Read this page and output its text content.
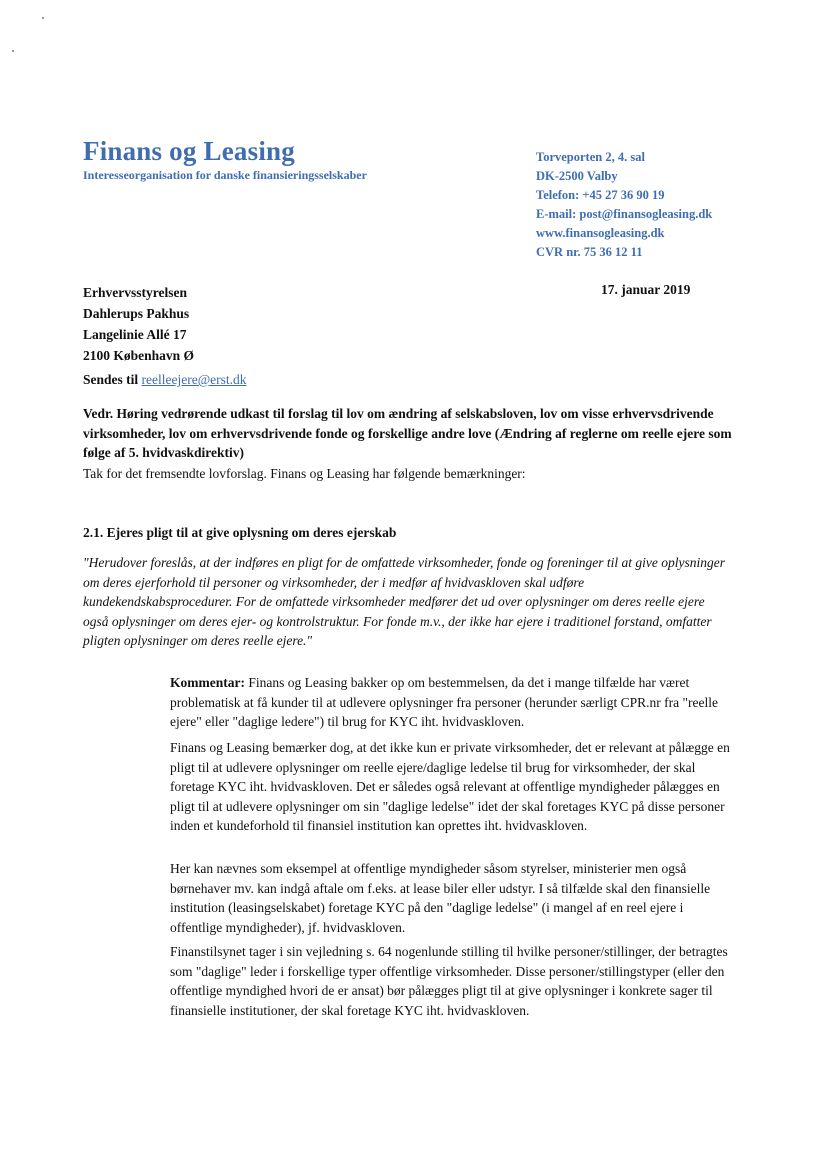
Finans og Leasing
Interesseorganisation for danske finansieringsselskaber
Torveporten 2, 4. sal
DK-2500 Valby
Telefon: +45 27 36 90 19
E-mail: post@finansogleasing.dk
www.finansogleasing.dk
CVR nr. 75 36 12 11
Erhvervsstyrelsen
Dahlerups Pakhus
Langelinie Allé 17
2100 København Ø
17. januar 2019
Sendes til reelleejere@erst.dk
Vedr. Høring vedrørende udkast til forslag til lov om ændring af selskabsloven, lov om visse erhvervsdrivende virksomheder, lov om erhvervsdrivende fonde og forskellige andre love (Ændring af reglerne om reelle ejere som følge af 5. hvidvaskdirektiv)
Tak for det fremsendte lovforslag. Finans og Leasing har følgende bemærkninger:
2.1. Ejeres pligt til at give oplysning om deres ejerskab
"Herudover foreslås, at der indføres en pligt for de omfattede virksomheder, fonde og foreninger til at give oplysninger om deres ejerforhold til personer og virksomheder, der i medfør af hvidvaskloven skal udføre kundekendskabsprocedurer. For de omfattede virksomheder medfører det ud over oplysninger om deres reelle ejere også oplysninger om deres ejer- og kontrolstruktur. For fonde m.v., der ikke har ejere i traditionel forstand, omfatter pligten oplysninger om deres reelle ejere."
Kommentar: Finans og Leasing bakker op om bestemmelsen, da det i mange tilfælde har været problematisk at få kunder til at udlevere oplysninger fra personer (herunder særligt CPR.nr fra "reelle ejere" eller "daglige ledere") til brug for KYC iht. hvidvaskloven.
Finans og Leasing bemærker dog, at det ikke kun er private virksomheder, det er relevant at pålægge en pligt til at udlevere oplysninger om reelle ejere/daglige ledelse til brug for virksomheder, der skal foretage KYC iht. hvidvaskloven. Det er således også relevant at offentlige myndigheder pålægges en pligt til at udlevere oplysninger om sin "daglige ledelse" idet der skal foretages KYC på disse personer inden et kundeforhold til finansiel institution kan oprettes iht. hvidvaskloven.
Her kan nævnes som eksempel at offentlige myndigheder såsom styrelser, ministerier men også børnehaver mv. kan indgå aftale om f.eks. at lease biler eller udstyr. I så tilfælde skal den finansielle institution (leasingselskabet) foretage KYC på den "daglige ledelse" (i mangel af en reel ejere i offentlige myndigheder), jf. hvidvaskloven.
Finanstilsynet tager i sin vejledning s. 64 nogenlunde stilling til hvilke personer/stillinger, der betragtes som "daglige" leder i forskellige typer offentlige virksomheder. Disse personer/stillingstyper (eller den offentlige myndighed hvori de er ansat) bør pålægges pligt til at give oplysninger i konkrete sager til finansielle institutioner, der skal foretage KYC iht. hvidvaskloven.
